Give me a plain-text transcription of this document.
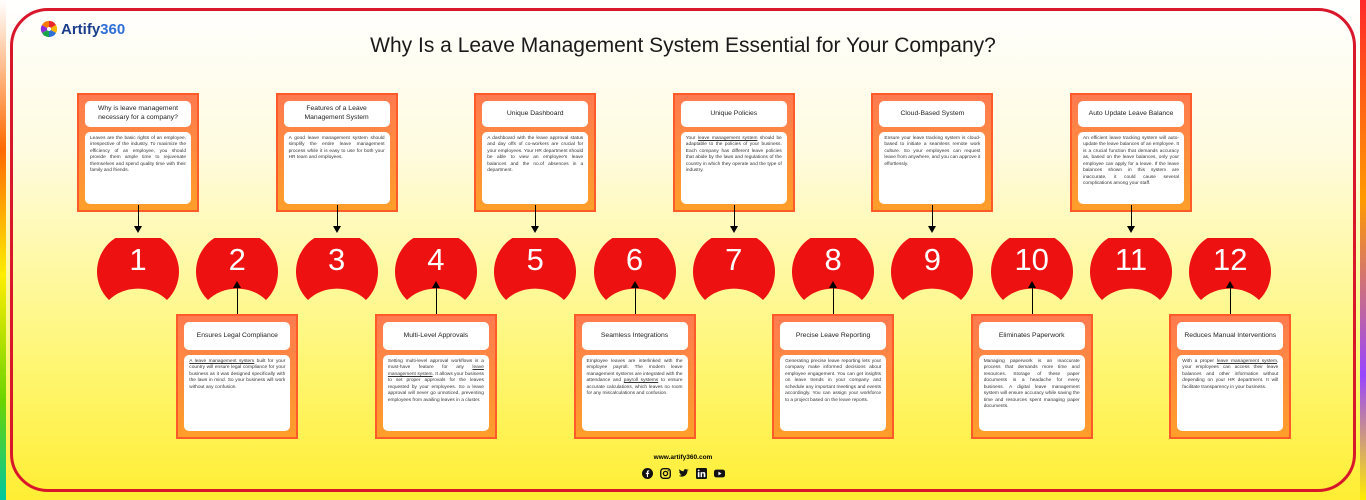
Artify360
Why Is a Leave Management System Essential for Your Company?
Why is leave management necessary for a company?
Leaves are the basic rights of an employee, irrespective of the industry. To maximize the efficiency of an employee, you should provide them ample time to rejuvenate themselves and spend quality time with their family and friends.
1
Features of a Leave Management System
A good leave management system should simplify the entire leave management process while it is easy to use for both your HR team and employees.
3
Unique Dashboard
A dashboard with the leave approval status and day offs of co-workers are crucial for your employees. Your HR department should be able to view an employee's leave balances and the no.of absences in a department.
5
Unique Policies
Your leave management system should be adaptable to the policies of your business. Each company has different leave policies that abide by the laws and regulations of the country in which they operate and the type of industry.
7
Cloud-Based System
Ensure your leave tracking system is cloud-based to initiate a seamless remote work culture. So your employees can request leave from anywhere, and you can approve it effortlessly.
9
Auto Update Leave Balance
An efficient leave tracking system will auto-update the leave balances of an employee. It is a crucial function that demands accuracy as, based on the leave balances, only your employee can apply for a leave. If the leave balances shown in this system are inaccurate, it could cause several complications among your staff.
11
2
Ensures Legal Compliance
A leave management system built for your country will ensure legal compliance for your business as it was designed specifically with the laws in mind. So your business will work without any confusion.
4
Multi-Level Approvals
Setting multi-level approval workflows is a must-have feature for any leave management system. It allows your business to set proper approvals for the leaves requested by your employees. So a leave approval will never go unnoticed, preventing employees from availing leaves in a cluster.
6
Seamless Integrations
Employee leaves are interlinked with the employee payroll. The modern leave management systems are integrated with the attendance and payroll systems to ensure accurate calculations, which leaves no room for any miscalculations and confusion.
8
Precise Leave Reporting
Generating precise leave reporting lets your company make informed decisions about employee engagement. You can get insights on leave trends in your company and schedule any important meetings and events accordingly. You can assign your workforce to a project based on the leave reports.
10
Eliminates Paperwork
Managing paperwork is an inaccurate process that demands more time and resources. Storage of these paper documents is a headache for every business. A digital leave management system will ensure accuracy while saving the time and resources spent managing paper documents.
12
Reduces Manual Interventions
With a proper leave management system, your employees can access their leave balances and other information without depending on your HR department. It will facilitate transparency in your business.
www.artify360.com
